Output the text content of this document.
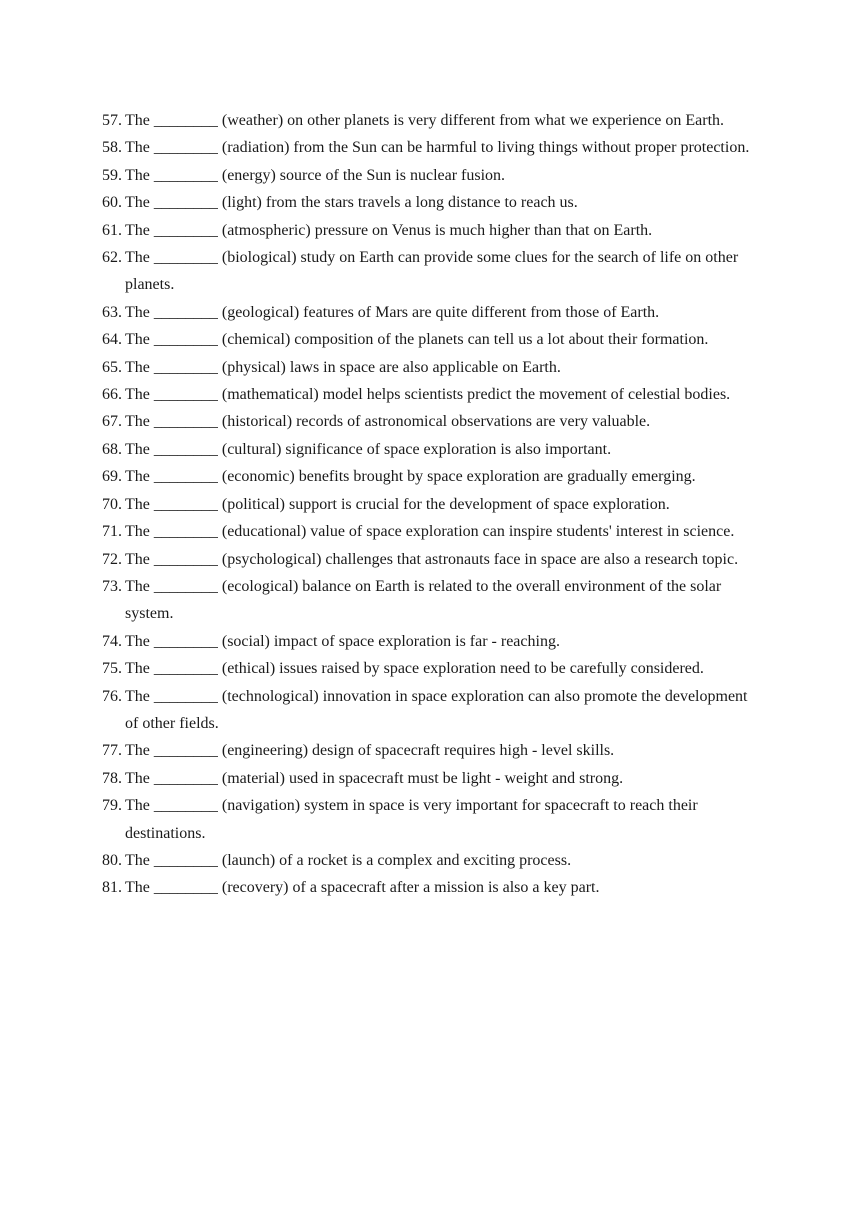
57. The ________ (weather) on other planets is very different from what we experience on Earth.
58. The ________ (radiation) from the Sun can be harmful to living things without proper protection.
59. The ________ (energy) source of the Sun is nuclear fusion.
60. The ________ (light) from the stars travels a long distance to reach us.
61. The ________ (atmospheric) pressure on Venus is much higher than that on Earth.
62. The ________ (biological) study on Earth can provide some clues for the search of life on other planets.
63. The ________ (geological) features of Mars are quite different from those of Earth.
64. The ________ (chemical) composition of the planets can tell us a lot about their formation.
65. The ________ (physical) laws in space are also applicable on Earth.
66. The ________ (mathematical) model helps scientists predict the movement of celestial bodies.
67. The ________ (historical) records of astronomical observations are very valuable.
68. The ________ (cultural) significance of space exploration is also important.
69. The ________ (economic) benefits brought by space exploration are gradually emerging.
70. The ________ (political) support is crucial for the development of space exploration.
71. The ________ (educational) value of space exploration can inspire students' interest in science.
72. The ________ (psychological) challenges that astronauts face in space are also a research topic.
73. The ________ (ecological) balance on Earth is related to the overall environment of the solar system.
74. The ________ (social) impact of space exploration is far - reaching.
75. The ________ (ethical) issues raised by space exploration need to be carefully considered.
76. The ________ (technological) innovation in space exploration can also promote the development of other fields.
77. The ________ (engineering) design of spacecraft requires high - level skills.
78. The ________ (material) used in spacecraft must be light - weight and strong.
79. The ________ (navigation) system in space is very important for spacecraft to reach their destinations.
80. The ________ (launch) of a rocket is a complex and exciting process.
81. The ________ (recovery) of a spacecraft after a mission is also a key part.
